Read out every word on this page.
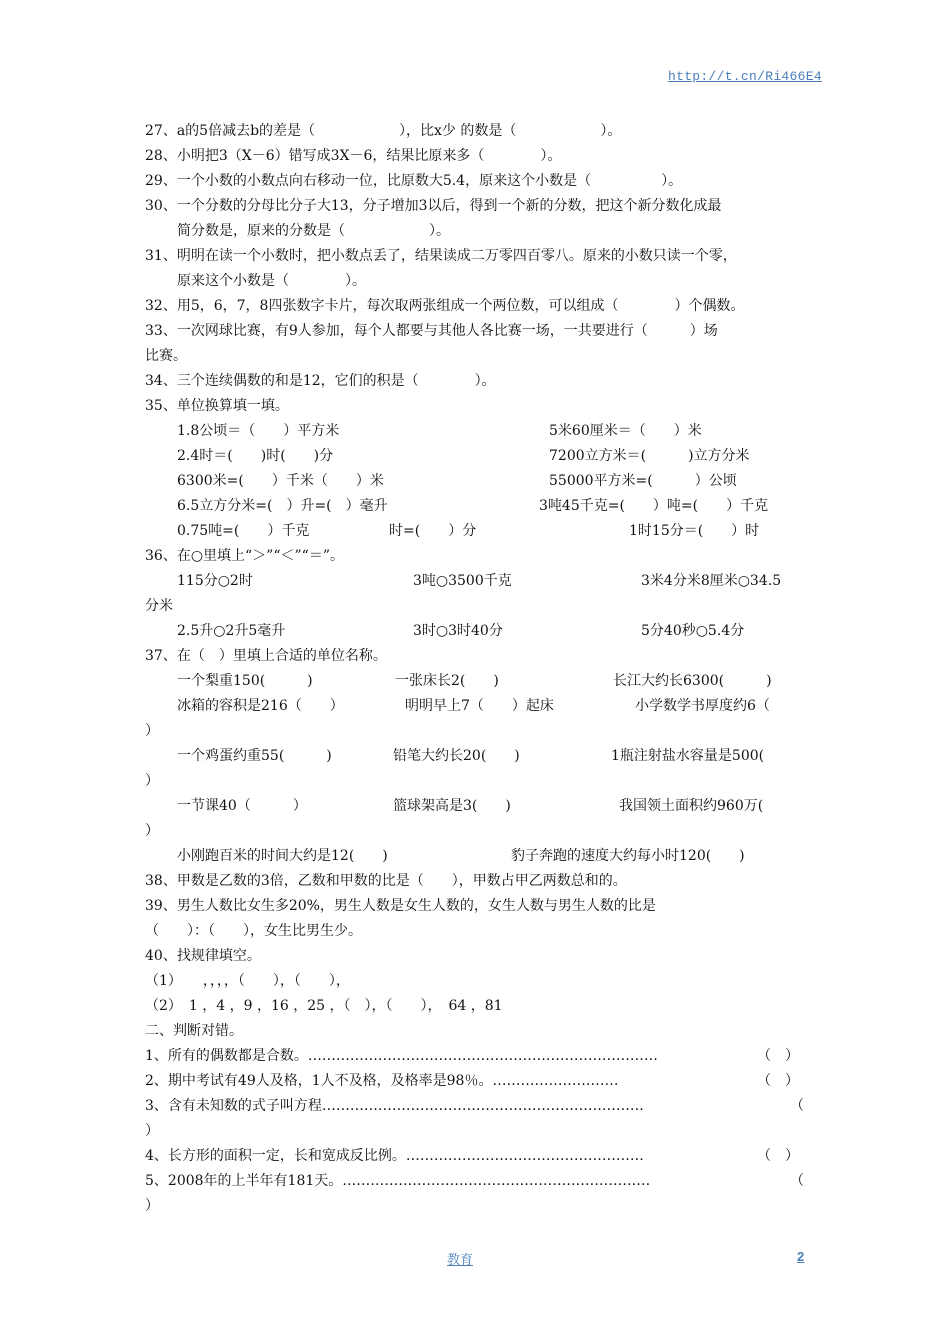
http://t.cn/Ri466E4
27、a的5倍减去b的差是（　　　　　　），比x少 的数是（　　　　　　）。
28、小明把3（X－6）错写成3X－6，结果比原来多（　　　　）。
29、一个小数的小数点向右移动一位，比原数大5.4，原来这个小数是（　　　　　）。
30、一个分数的分母比分子大13，分子增加3以后，得到一个新的分数，把这个新分数化成最
简分数是，原来的分数是（　　　　　　）。
31、明明在读一个小数时，把小数点丢了，结果读成二万零四百零八。原来的小数只读一个零，
原来这个小数是（　　　　）。
32、用5，6，7，8四张数字卡片，每次取两张组成一个两位数，可以组成（　　　　）个偶数。
33、一次网球比赛，有9人参加，每个人都要与其他人各比赛一场，一共要进行（　　　）场
比赛。
34、三个连续偶数的和是12，它们的积是（　　　　）。
35、单位换算填一填。
1.8公顷＝（　　）平方米	5米60厘米＝（　　）米
2.4时＝(　　)时(　　)分	7200立方米＝(　　　)立方分米
6300米=(　　）千米（　　）米	55000平方米=(　　　）公顷
6.5立方分米=(　）升=(　）毫升	3吨45千克=(　　）吨=(　　）千克
0.75吨=(　　）千克	时=(　　）分	1时15分＝(　　）时
36、在○里填上“＞”“＜”“＝”。
115分○2时	3吨○3500千克	3米4分米8厘米○34.5
分米
2.5升○2升5毫升	3时○3时40分	5分40秒○5.4分
37、在（　）里填上合适的单位名称。
一个梨重150(　　　)	一张床长2(　　)	长江大约长6300(　　　)
冰箱的容积是216（　　）	明明早上7（　　）起床	小学数学书厚度约6（
）
一个鸡蛋约重55(　　　)	铅笔大约长20(　　)	1瓶注射盐水容量是500(
）
一节课40（　　　）	篮球架高是3(　　)	我国领土面积约960万(
）
小刚跑百米的时间大约是12(　　)	豹子奔跑的速度大约每小时120(　　)
38、甲数是乙数的3倍，乙数和甲数的比是（　　），甲数占甲乙两数总和的。
39、男生人数比女生多20%，男生人数是女生人数的，女生人数与男生人数的比是
（　　）：（　　），女生比男生少。
40、找规律填空。
（1）　　，，，，（　　），（　　），
（2）　1 ，4 ，9 ，16 ，25 ，（　），（　　），　64 ，81
二、判断对错。
1、所有的偶数都是合数。…………………………………………………………………	（　）
2、期中考试有49人及格，1人不及格，及格率是98％。………………………	（　）
3、含有未知数的式子叫方程……………………………………………………………	（
）
4、长方形的面积一定，长和宽成反比例。……………………………………………	（　）
5、2008年的上半年有181天。…………………………………………………………	（
）
教育	2
